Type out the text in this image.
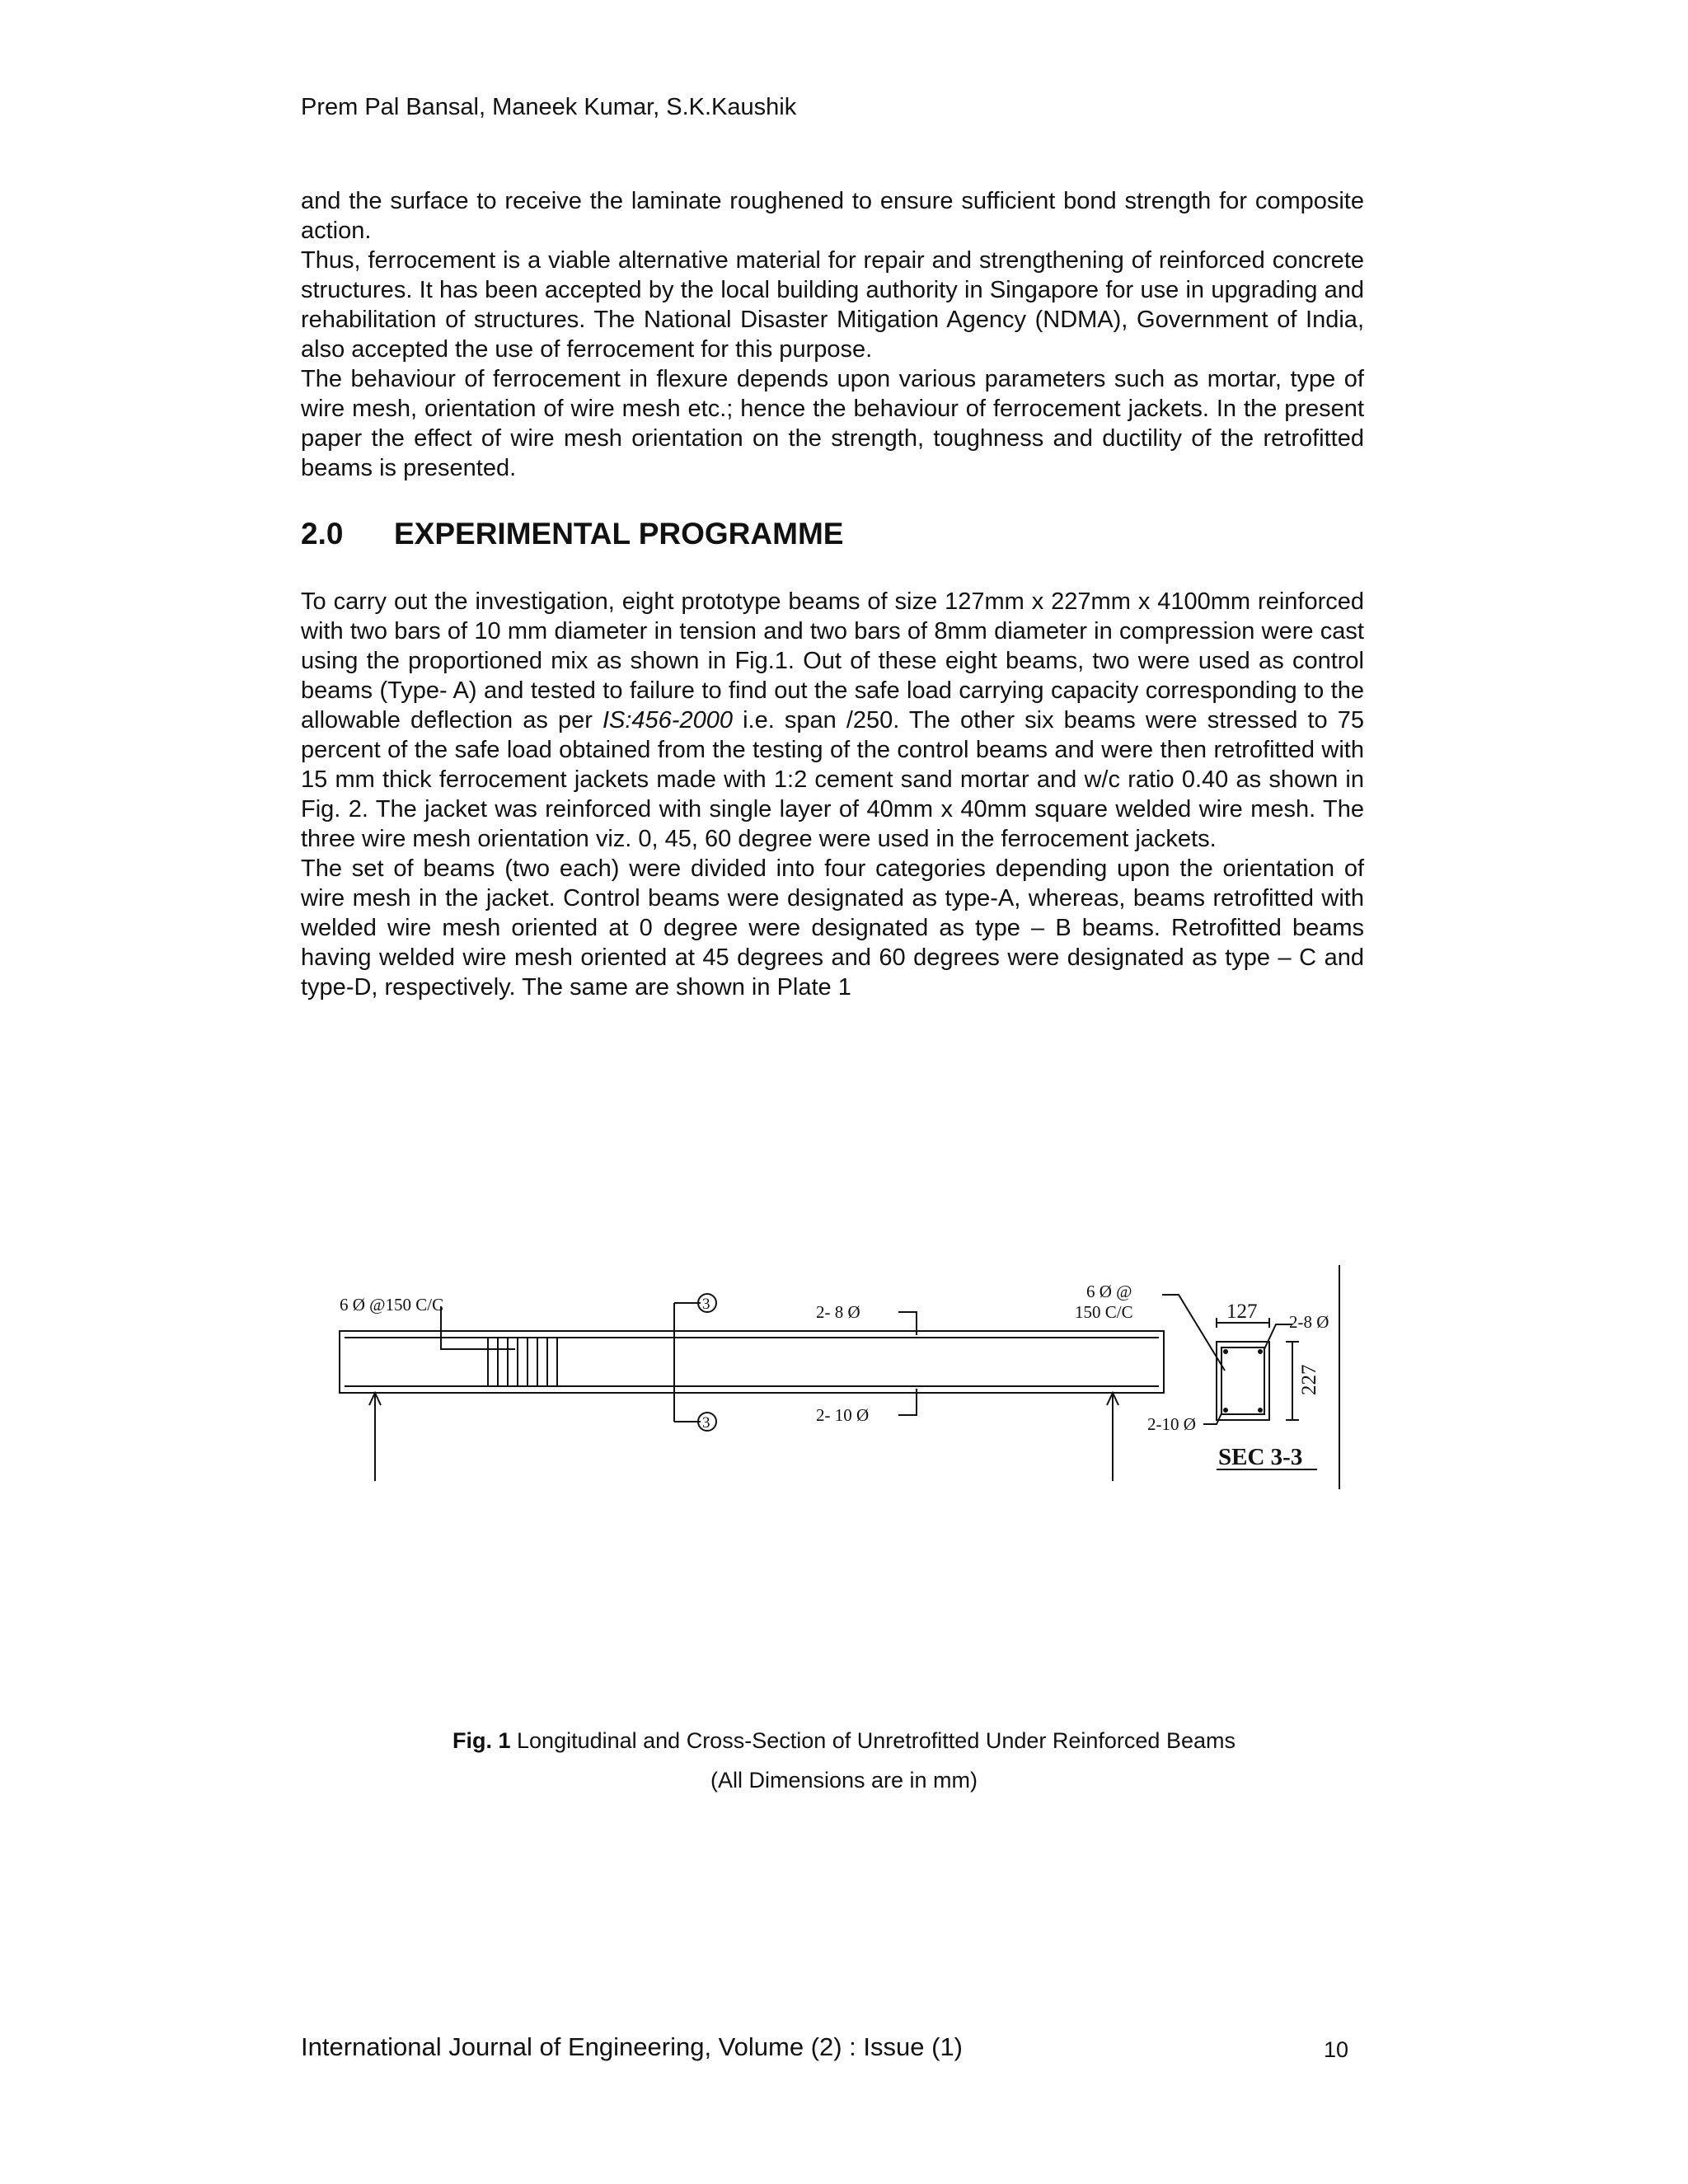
Prem Pal Bansal, Maneek Kumar, S.K.Kaushik

and the surface to receive the laminate roughened to ensure sufficient bond strength for composite action.

Thus, ferrocement is a viable alternative material for repair and strengthening of reinforced concrete structures. It has been accepted by the local building authority in Singapore for use in upgrading and rehabilitation of structures. The National Disaster Mitigation Agency (NDMA), Government of India, also accepted the use of ferrocement for this purpose.

The behaviour of ferrocement in flexure depends upon various parameters such as mortar, type of wire mesh, orientation of wire mesh etc.; hence the behaviour of ferrocement jackets. In the present paper the effect of wire mesh orientation on the strength, toughness and ductility of the retrofitted beams is presented.

2.0 EXPERIMENTAL PROGRAMME

To carry out the investigation, eight prototype beams of size 127mm x 227mm x 4100mm reinforced with two bars of 10 mm diameter in tension and two bars of 8mm diameter in compression were cast using the proportioned mix as shown in Fig.1. Out of these eight beams, two were used as control beams (Type- A) and tested to failure to find out the safe load carrying capacity corresponding to the allowable deflection as per IS:456-2000 i.e. span /250. The other six beams were stressed to 75 percent of the safe load obtained from the testing of the control beams and were then retrofitted with 15 mm thick ferrocement jackets made with 1:2 cement sand mortar and w/c ratio 0.40 as shown in Fig. 2. The jacket was reinforced with single layer of 40mm x 40mm square welded wire mesh. The three wire mesh orientation viz. 0, 45, 60 degree were used in the ferrocement jackets.

The set of beams (two each) were divided into four categories depending upon the orientation of wire mesh in the jacket. Control beams were designated as type-A, whereas, beams retrofitted with welded wire mesh oriented at 0 degree were designated as type – B beams. Retrofitted beams having welded wire mesh oriented at 45 degrees and 60 degrees were designated as type – C and type-D, respectively. The same are shown in Plate 1

6 Ø @150 C/C	3
3
2- 8 Ø
2- 10 Ø
6 Ø @
150 C/C	127 2-8 Ø
227
2-10 Ø
SEC 3-3
Fig. 1 Longitudinal and Cross-Section of Unretrofitted Under Reinforced Beams
(All Dimensions are in mm)
International Journal of Engineering, Volume (2) : Issue (1)	10
